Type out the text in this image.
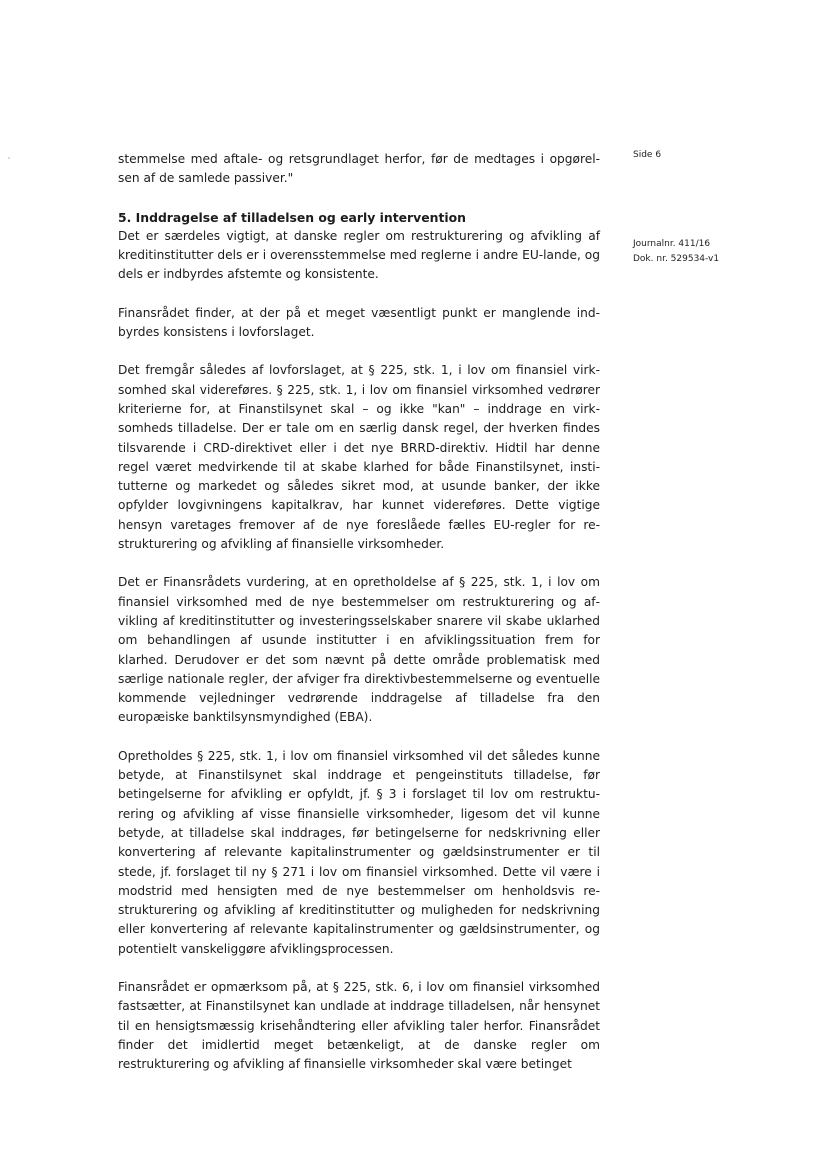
Side 6
Journalnr. 411/16
Dok. nr. 529534-v1

stemmelse med aftale- og retsgrundlaget herfor, før de medtages i opgørelsen af de samlede passiver."

5. Inddragelse af tilladelsen og early intervention

Det er særdeles vigtigt, at danske regler om restrukturering og afvikling af kreditinstitutter dels er i overensstemmelse med reglerne i andre EU-lande, og dels er indbyrdes afstemte og konsistente.

Finansrådet finder, at der på et meget væsentligt punkt er manglende indbyrdes konsistens i lovforslaget.

Det fremgår således af lovforslaget, at § 225, stk. 1, i lov om finansiel virksomhed skal videreføres. § 225, stk. 1, i lov om finansiel virksomhed vedrører kriterierne for, at Finanstilsynet skal – og ikke "kan" – inddrage en virksomheds tilladelse. Der er tale om en særlig dansk regel, der hverken findes tilsvarende i CRD-direktivet eller i det nye BRRD-direktiv. Hidtil har denne regel været medvirkende til at skabe klarhed for både Finanstilsynet, institutterne og markedet og således sikret mod, at usunde banker, der ikke opfylder lovgivningens kapitalkrav, har kunnet videreføres. Dette vigtige hensyn varetages fremover af de nye foreslåede fælles EU-regler for restrukturering og afvikling af finansielle virksomheder.

Det er Finansrådets vurdering, at en opretholdelse af § 225, stk. 1, i lov om finansiel virksomhed med de nye bestemmelser om restrukturering og afvikling af kreditinstitutter og investeringsselskaber snarere vil skabe uklarhed om behandlingen af usunde institutter i en afviklingssituation frem for klarhed. Derudover er det som nævnt på dette område problematisk med særlige nationale regler, der afviger fra direktivbestemmelserne og eventuelle kommende vejledninger vedrørende inddragelse af tilladelse fra den europæiske banktilsynsmyndighed (EBA).

Opretholdes § 225, stk. 1, i lov om finansiel virksomhed vil det således kunne betyde, at Finanstilsynet skal inddrage et pengeinstituts tilladelse, før betingelserne for afvikling er opfyldt, jf. § 3 i forslaget til lov om restrukturering og afvikling af visse finansielle virksomheder, ligesom det vil kunne betyde, at tilladelse skal inddrages, før betingelserne for nedskrivning eller konvertering af relevante kapitalinstrumenter og gældsinstrumenter er til stede, jf. forslaget til ny § 271 i lov om finansiel virksomhed. Dette vil være i modstrid med hensigten med de nye bestemmelser om henholdsvis restrukturering og afvikling af kreditinstitutter og muligheden for nedskrivning eller konvertering af relevante kapitalinstrumenter og gældsinstrumenter, og potentielt vanskeliggøre afviklingsprocessen.

Finansrådet er opmærksom på, at § 225, stk. 6, i lov om finansiel virksomhed fastsætter, at Finanstilsynet kan undlade at inddrage tilladelsen, når hensynet til en hensigtsmæssig krisehåndtering eller afvikling taler herfor. Finansrådet finder det imidlertid meget betænkeligt, at de danske regler om restrukturering og afvikling af finansielle virksomheder skal være betinget
